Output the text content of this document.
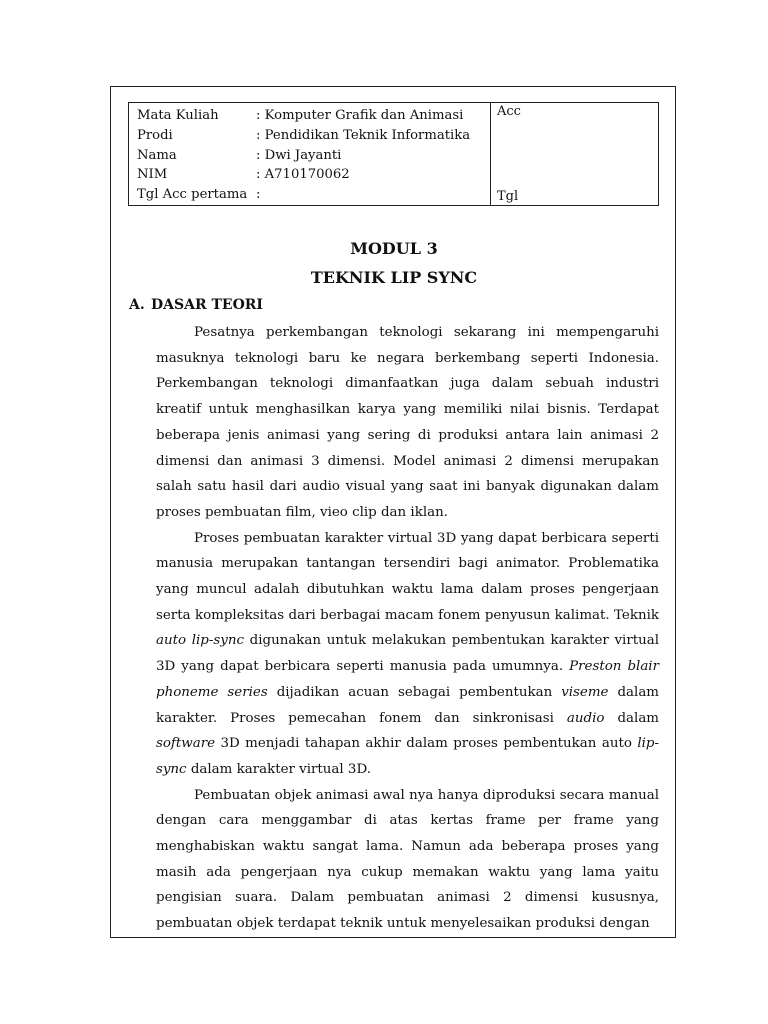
Mata Kuliah	: Komputer Grafik dan Animasi
Prodi	: Pendidikan Teknik Informatika
Nama	: Dwi Jayanti
NIM	: A710170062
Tgl Acc pertama :
Acc
Tgl
MODUL 3
TEKNIK LIP SYNC
A. DASAR TEORI

Pesatnya perkembangan teknologi sekarang ini mempengaruhi masuknya teknologi baru ke negara berkembang seperti Indonesia. Perkembangan teknologi dimanfaatkan juga dalam sebuah industri kreatif untuk menghasilkan karya yang memiliki nilai bisnis. Terdapat beberapa jenis animasi yang sering di produksi antara lain animasi 2 dimensi dan animasi 3 dimensi. Model animasi 2 dimensi merupakan salah satu hasil dari audio visual yang saat ini banyak digunakan dalam proses pembuatan film, vieo clip dan iklan.

Proses pembuatan karakter virtual 3D yang dapat berbicara seperti manusia merupakan tantangan tersendiri bagi animator. Problematika yang muncul adalah dibutuhkan waktu lama dalam proses pengerjaan serta kompleksitas dari berbagai macam fonem penyusun kalimat. Teknik auto lip-sync digunakan untuk melakukan pembentukan karakter virtual 3D yang dapat berbicara seperti manusia pada umumnya. Preston blair phoneme series dijadikan acuan sebagai pembentukan viseme dalam karakter. Proses pemecahan fonem dan sinkronisasi audio dalam software 3D menjadi tahapan akhir dalam proses pembentukan auto lip-sync dalam karakter virtual 3D.

Pembuatan objek animasi awal nya hanya diproduksi secara manual dengan cara menggambar di atas kertas frame per frame yang menghabiskan waktu sangat lama. Namun ada beberapa proses yang masih ada pengerjaan nya cukup memakan waktu yang lama yaitu pengisian suara. Dalam pembuatan animasi 2 dimensi kususnya, pembuatan objek terdapat teknik untuk menyelesaikan produksi dengan
